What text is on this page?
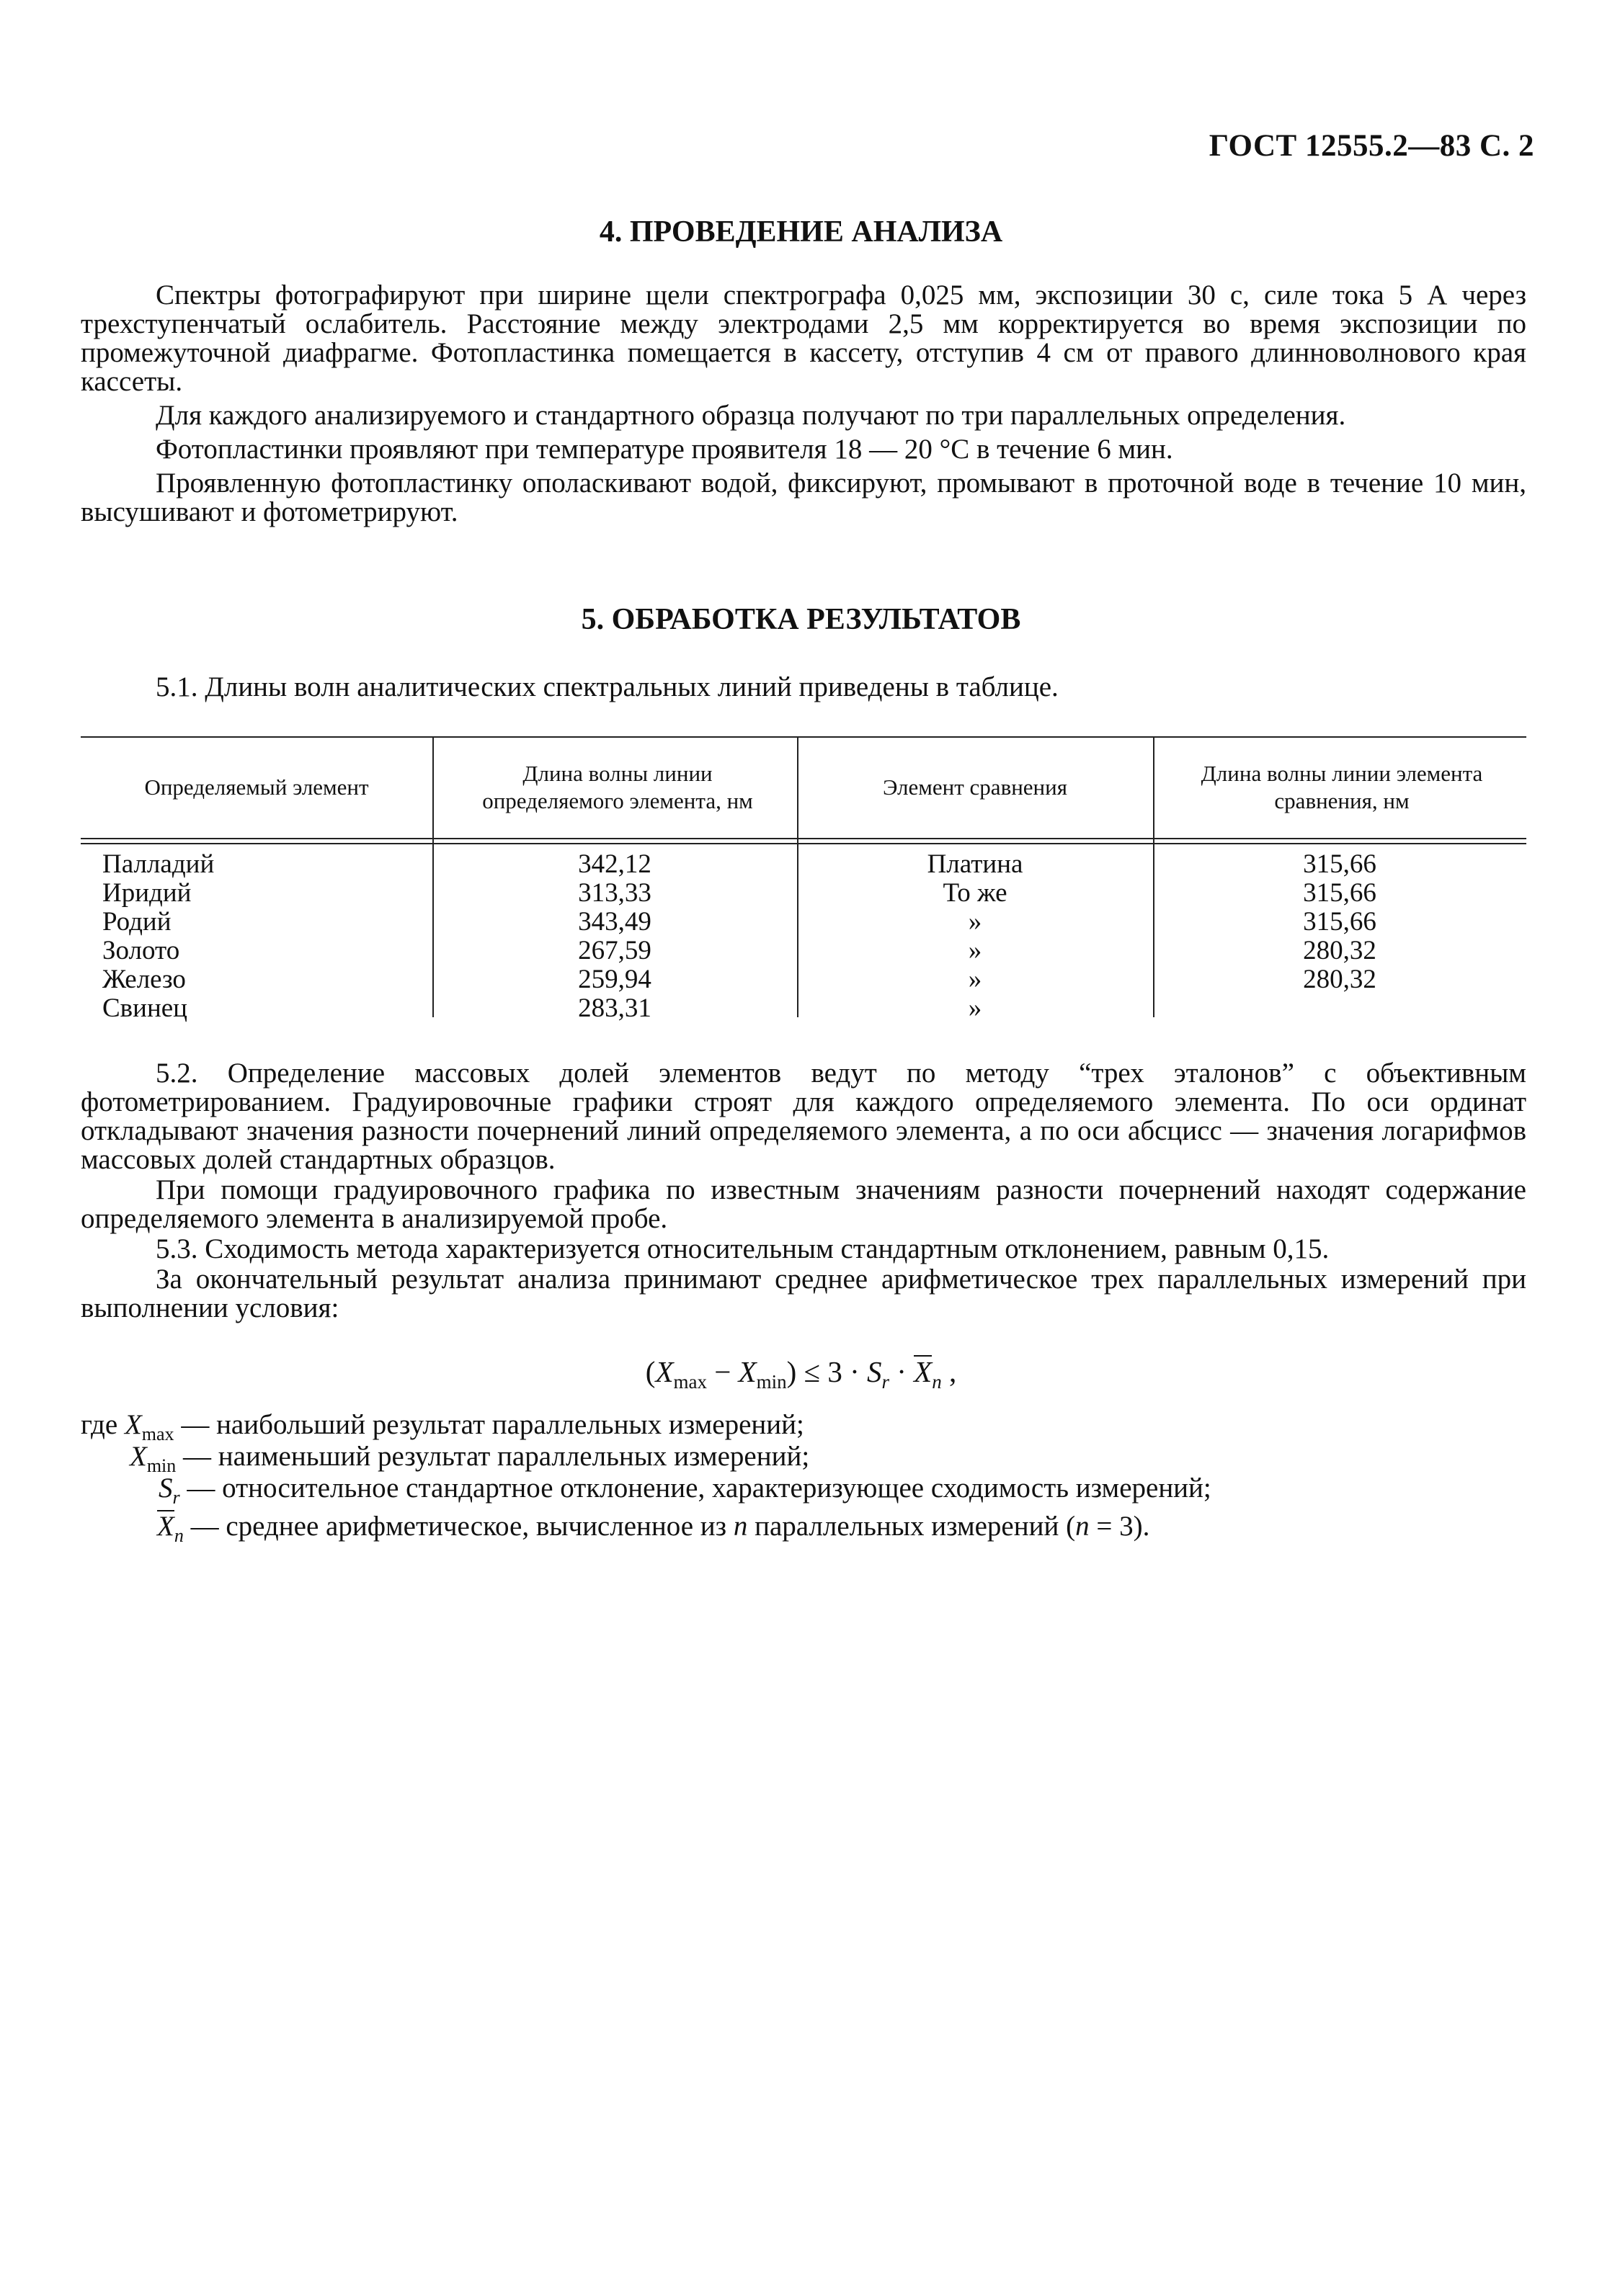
ГОСТ 12555.2—83 С. 2
4. ПРОВЕДЕНИЕ АНАЛИЗА

Спектры фотографируют при ширине щели спектрографа 0,025 мм, экспозиции 30 с, силе тока 5 А через трехступенчатый ослабитель. Расстояние между электродами 2,5 мм корректируется во время экспозиции по промежуточной диафрагме. Фотопластинка помещается в кассету, отступив 4 см от правого длинноволнового края кассеты.

Для каждого анализируемого и стандартного образца получают по три параллельных определения.

Фотопластинки проявляют при температуре проявителя 18 — 20 °С в течение 6 мин.

Проявленную фотопластинку ополаскивают водой, фиксируют, промывают в проточной воде в течение 10 мин, высушивают и фотометрируют.

5. ОБРАБОТКА РЕЗУЛЬТАТОВ

5.1. Длины волн аналитических спектральных линий приведены в таблице.

Определяемый элемент
Длина волны линии определяемого элемента, нм
Элемент сравнения
Длина волны линии элемента сравнения, нм
Палладий
Иридий
Родий
Золото
Железо
Свинец
342,12
313,33
343,49
267,59
259,94
283,31
Платина
То же
»
»
»
»
315,66
315,66
315,66
280,32
280,32

5.2. Определение массовых долей элементов ведут по методу “трех эталонов” с объективным фотометрированием. Градуировочные графики строят для каждого определяемого элемента. По оси ординат откладывают значения разности почернений линий определяемого элемента, а по оси абсцисс — значения логарифмов массовых долей стандартных образцов.

При помощи градуировочного графика по известным значениям разности почернений находят содержание определяемого элемента в анализируемой пробе.

5.3. Сходимость метода характеризуется относительным стандартным отклонением, равным 0,15.

За окончательный результат анализа принимают среднее арифметическое трех параллельных измерений при выполнении условия:

$(X_{max} - X_{min}) \le 3 \cdot S_r \cdot X_n$ ,
где $X_{max}$ — наибольший результат параллельных измерений;
$X_{min}$ — наименьший результат параллельных измерений;
$S_r$ — относительное стандартное отклонение, характеризующее сходимость измерений;
$X_n$ — среднее арифметическое, вычисленное из n параллельных измерений (n = 3).
